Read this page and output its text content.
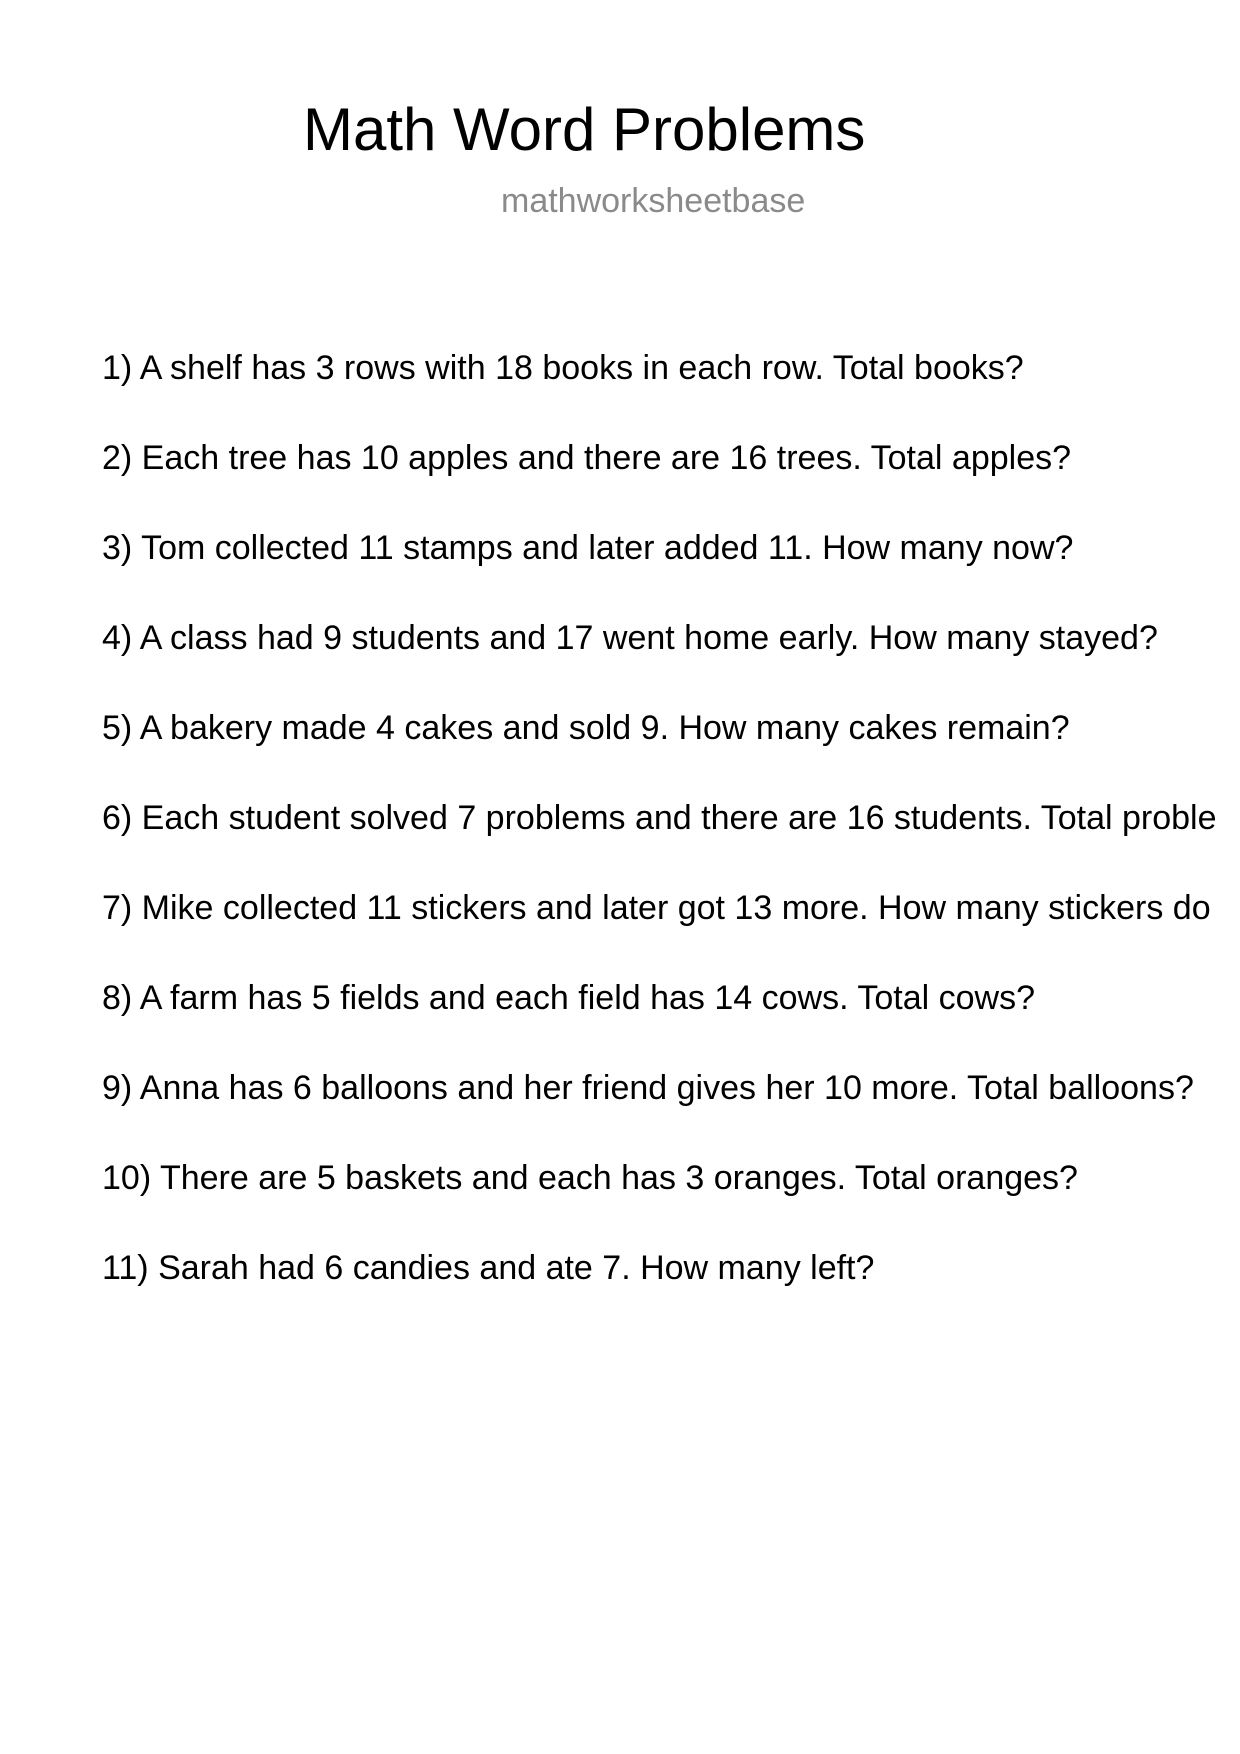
Math Word Problems
mathworksheetbase
1) A shelf has 3 rows with 18 books in each row. Total books?
2) Each tree has 10 apples and there are 16 trees. Total apples?
3) Tom collected 11 stamps and later added 11. How many now?
4) A class had 9 students and 17 went home early. How many stayed?
5) A bakery made 4 cakes and sold 9. How many cakes remain?
6) Each student solved 7 problems and there are 16 students. Total proble
7) Mike collected 11 stickers and later got 13 more. How many stickers do
8) A farm has 5 fields and each field has 14 cows. Total cows?
9) Anna has 6 balloons and her friend gives her 10 more. Total balloons?
10) There are 5 baskets and each has 3 oranges. Total oranges?
11) Sarah had 6 candies and ate 7. How many left?
